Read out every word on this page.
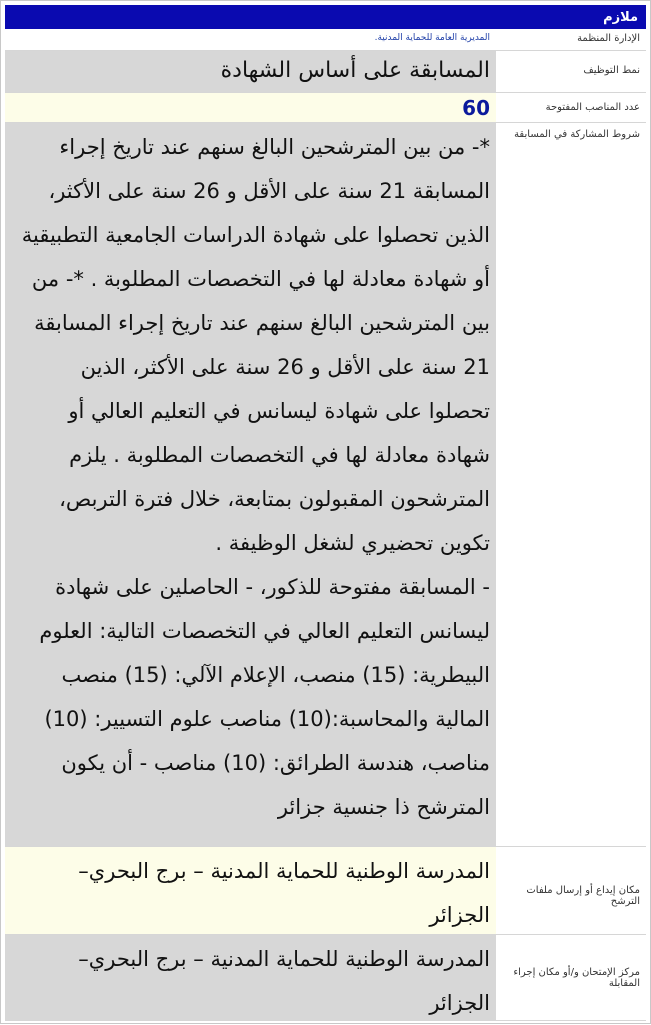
ملازم
الإدارة المنظمة
المديرية العامة للحماية المدنية.
نمط التوظيف
المسابقة على أساس الشهادة
عدد المناصب المفتوحة
60
شروط المشاركة في المسابقة
*- من بين المترشحين البالغ سنهم عند تاريخ إجراء المسابقة 21 سنة على الأقل و 26 سنة على الأكثر، الذين تحصلوا على شهادة الدراسات الجامعية التطبيقية أو شهادة معادلة لها في التخصصات المطلوبة . *- من بين المترشحين البالغ سنهم عند تاريخ إجراء المسابقة 21 سنة على الأقل و 26 سنة على الأكثر، الذين تحصلوا على شهادة ليسانس في التعليم العالي أو شهادة معادلة لها في التخصصات المطلوبة . يلزم المترشحون المقبولون بمتابعة، خلال فترة التربص، تكوين تحضيري لشغل الوظيفة .
- المسابقة مفتوحة للذكور، - الحاصلين على شهادة ليسانس التعليم العالي في التخصصات التالية: العلوم البيطرية: (15) منصب، الإعلام الآلي: (15) منصب المالية والمحاسبة:(10) مناصب علوم التسيير: (10) مناصب، هندسة الطرائق: (10) مناصب - أن يكون المترشح ذا جنسية جزائر
مكان إيداع أو إرسال ملفات الترشح
المدرسة الوطنية للحماية المدنية – برج البحري– الجزائر
مركز الإمتحان و/أو مكان إجراء المقابلة
المدرسة الوطنية للحماية المدنية – برج البحري– الجزائر
